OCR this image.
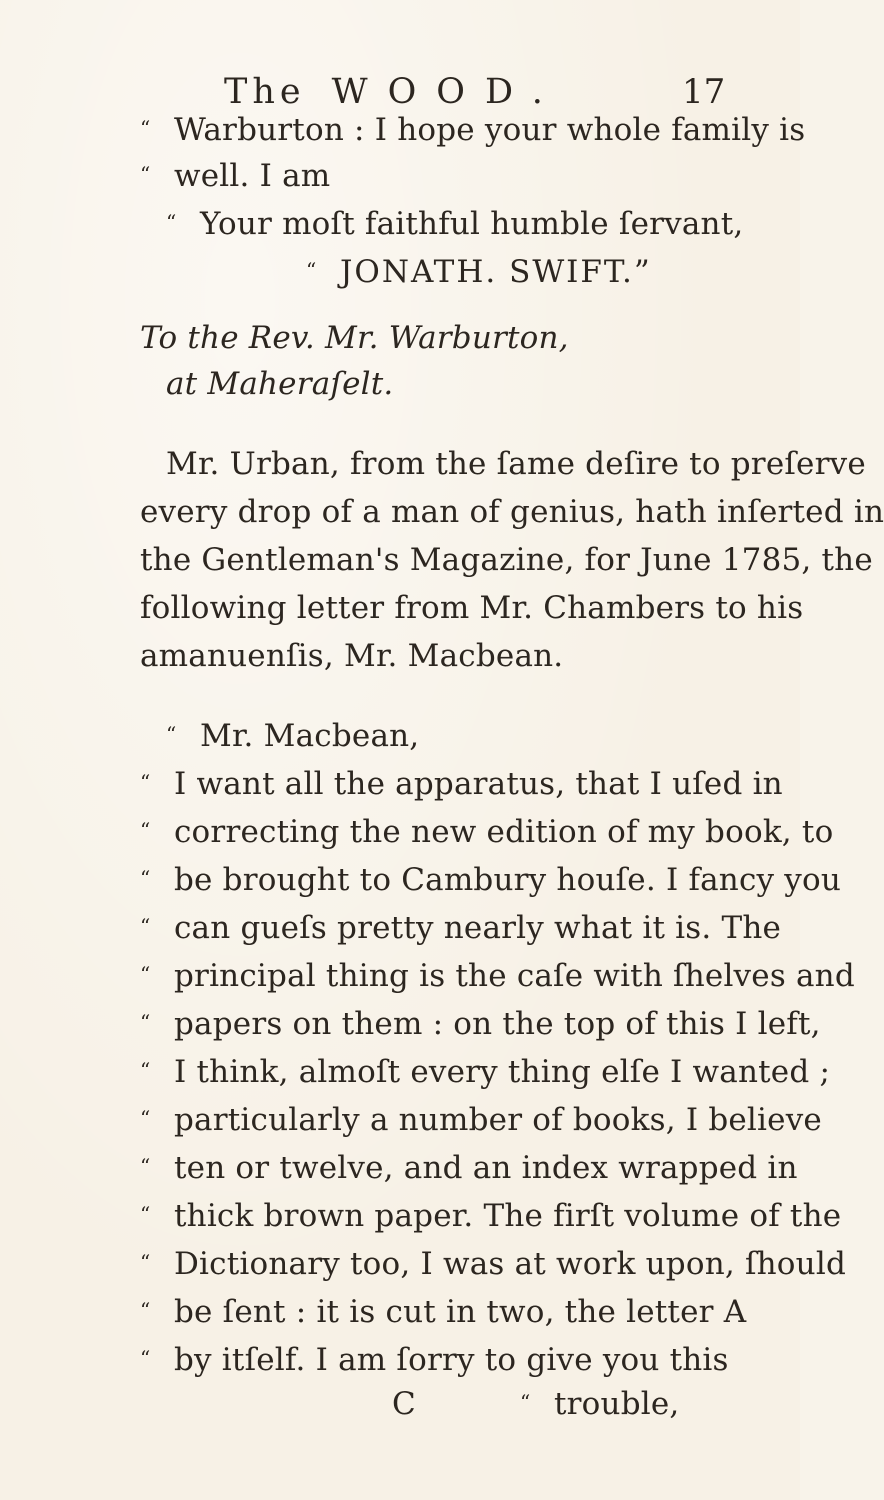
The WOOD.	17
“ Warburton : I hope your whole family is
“ well. I am
“ Your moſt faithful humble ſervant,
“ JONATH. SWIFT.”
To the Rev. Mr. Warburton,
at Maheraſelt.
Mr. Urban, from the ſame deſire to preſerve
every drop of a man of genius, hath inſerted in
the Gentleman's Magazine, for June 1785, the
following letter from Mr. Chambers to his
amanuenſis, Mr. Macbean.
“ Mr. Macbean,
“ I want all the apparatus, that I uſed in
“ correcting the new edition of my book, to
“ be brought to Cambury houſe. I fancy you
“ can gueſs pretty nearly what it is. The
“ principal thing is the caſe with ſhelves and
“ papers on them : on the top of this I left,
“ I think, almoſt every thing elſe I wanted ;
“ particularly a number of books, I believe
“ ten or twelve, and an index wrapped in
“ thick brown paper. The firſt volume of the
“ Dictionary too, I was at work upon, ſhould
“ be ſent : it is cut in two, the letter A
“ by itſelf. I am ſorry to give you this
C	“ trouble,
